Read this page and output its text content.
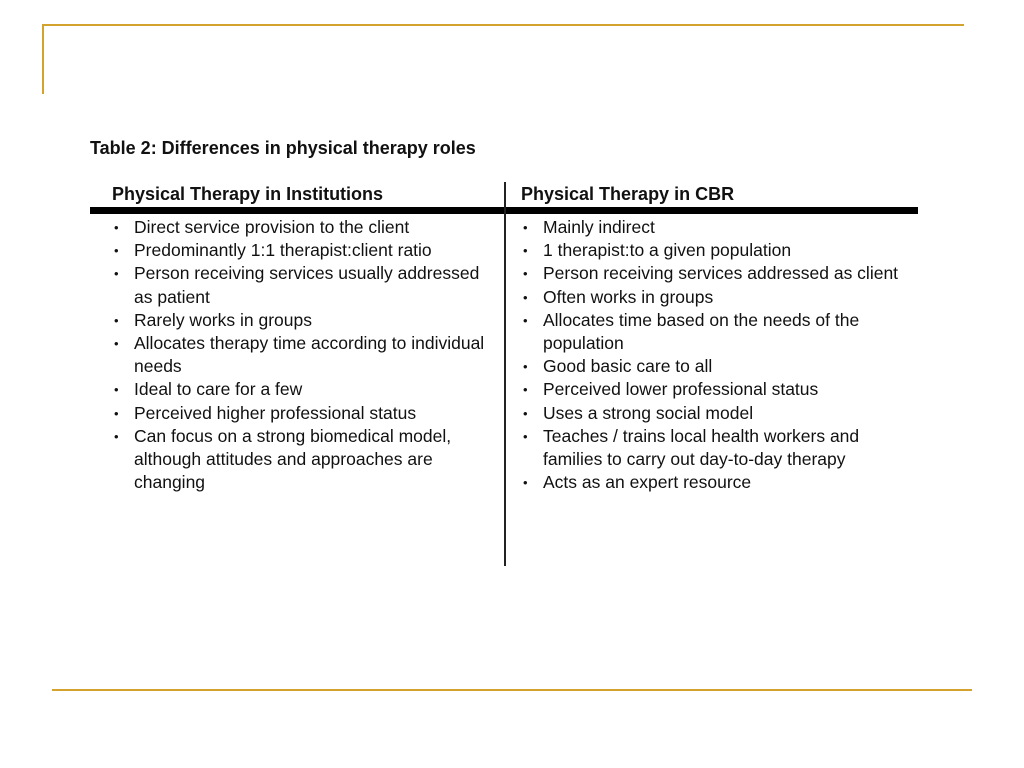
Table 2: Differences in physical therapy roles
Physical Therapy in Institutions	Physical Therapy in CBR
• Direct service provision to the client
• Predominantly 1:1 therapist:client ratio
• Person receiving services usually addressed as patient
• Rarely works in groups
• Allocates therapy time according to individual needs
• Ideal to care for a few
• Perceived higher professional status
• Can focus on a strong biomedical model, although attitudes and approaches are changing
• Mainly indirect
• 1 therapist:to a given population
• Person receiving services addressed as client
• Often works in groups
• Allocates time based on the needs of the population
• Good basic care to all
• Perceived lower professional status
• Uses a strong social model
• Teaches / trains local health workers and families to carry out day-to-day therapy
• Acts as an expert resource
